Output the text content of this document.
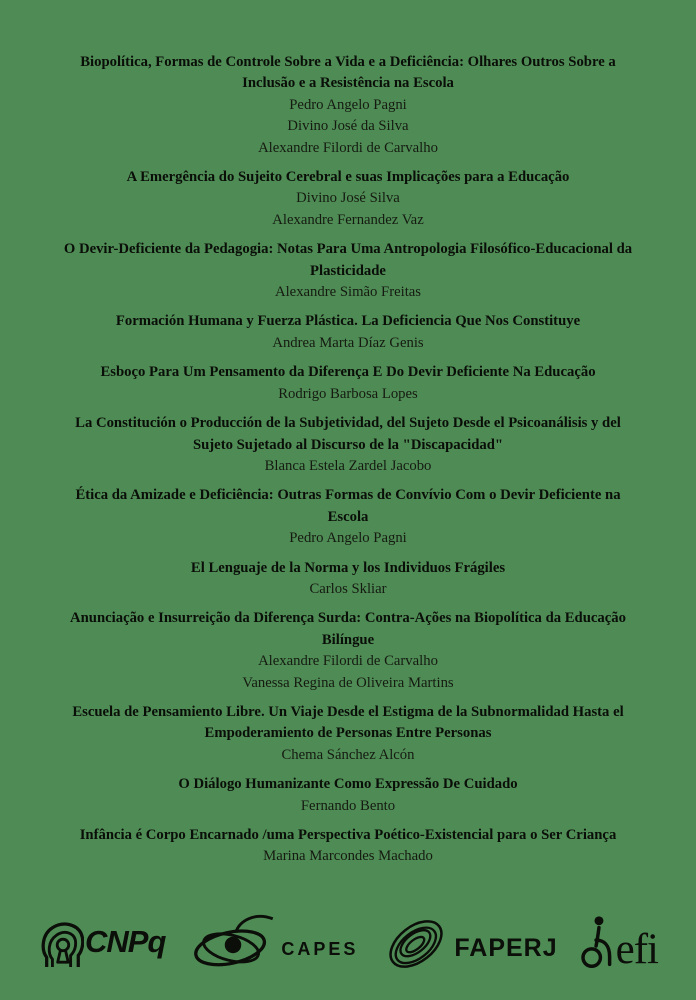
Biopolítica, Formas de Controle Sobre a Vida e a Deficiência: Olhares Outros Sobre a Inclusão e a Resistência na Escola
Pedro Angelo Pagni
Divino José da Silva
Alexandre Filordi de Carvalho
A Emergência do Sujeito Cerebral e suas Implicações para a Educação
Divino José Silva
Alexandre Fernandez Vaz
O Devir-Deficiente da Pedagogia: Notas Para Uma Antropologia Filosófico-Educacional da Plasticidade
Alexandre Simão Freitas
Formación Humana y Fuerza Plástica. La Deficiencia Que Nos Constituye
Andrea Marta Díaz Genis
Esboço Para Um Pensamento da Diferença E Do Devir Deficiente Na Educação
Rodrigo Barbosa Lopes
La Constitución o Producción de la Subjetividad, del Sujeto Desde el Psicoanálisis y del Sujeto Sujetado al Discurso de la "Discapacidad"
Blanca Estela Zardel Jacobo
Ética da Amizade e Deficiência: Outras Formas de Convívio Com o Devir Deficiente na Escola
Pedro Angelo Pagni
El Lenguaje de la Norma y los Individuos Frágiles
Carlos Skliar
Anunciação e Insurreição da Diferença Surda: Contra-Ações na Biopolítica da Educação Bilíngue
Alexandre Filordi de Carvalho
Vanessa Regina de Oliveira Martins
Escuela de Pensamiento Libre. Un Viaje Desde el Estigma de la Subnormalidad Hasta el Empoderamiento de Personas Entre Personas
Chema Sánchez Alcón
O Diálogo Humanizante Como Expressão De Cuidado
Fernando Bento
Infância é Corpo Encarnado /uma Perspectiva Poético-Existencial para o Ser Criança
Marina Marcondes Machado
CNPq	CAPES	FAPERJ efi
